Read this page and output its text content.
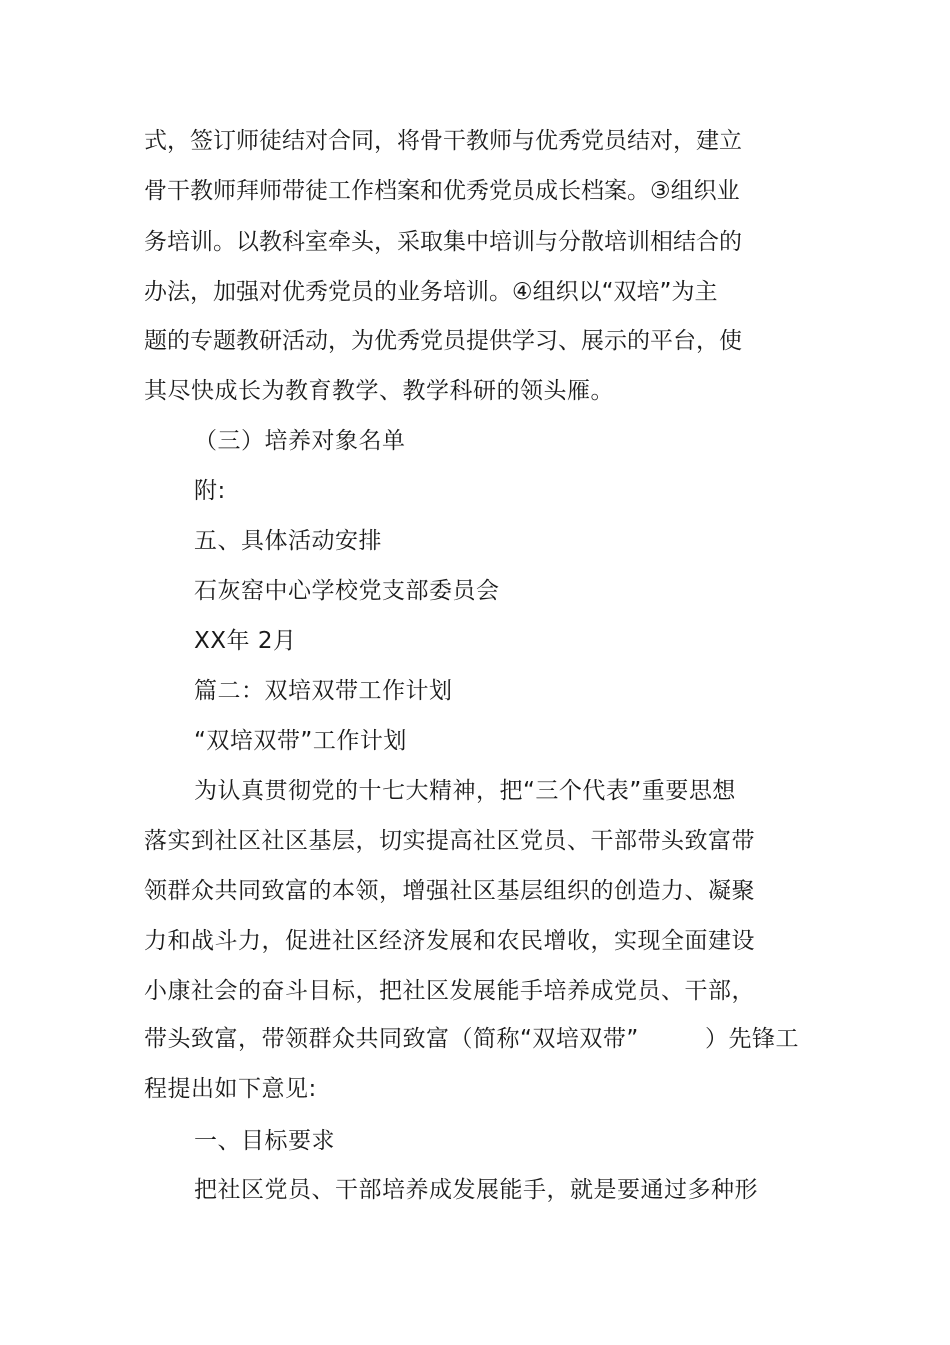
式，签订师徒结对合同，将骨干教师与优秀党员结对，建立
骨干教师拜师带徒工作档案和优秀党员成长档案。③组织业
务培训。以教科室牵头，采取集中培训与分散培训相结合的
办法，加强对优秀党员的业务培训。④组织以“双培”为主
题的专题教研活动，为优秀党员提供学习、展示的平台，使
其尽快成长为教育教学、教学科研的领头雁。
（三）培养对象名单
附:
五、具体活动安排
石灰窑中心学校党支部委员会
XX年 2月
篇二：双培双带工作计划
“双培双带”工作计划
为认真贯彻党的十七大精神，把“三个代表”重要思想
落实到社区社区基层，切实提高社区党员、干部带头致富带
领群众共同致富的本领，增强社区基层组织的创造力、凝聚
力和战斗力，促进社区经济发展和农民增收，实现全面建设
小康社会的奋斗目标，把社区发展能手培养成党员、干部，
带头致富，带领群众共同致富（简称“双培双带”	）先锋工
程提出如下意见:
一、目标要求
把社区党员、干部培养成发展能手，就是要通过多种形
